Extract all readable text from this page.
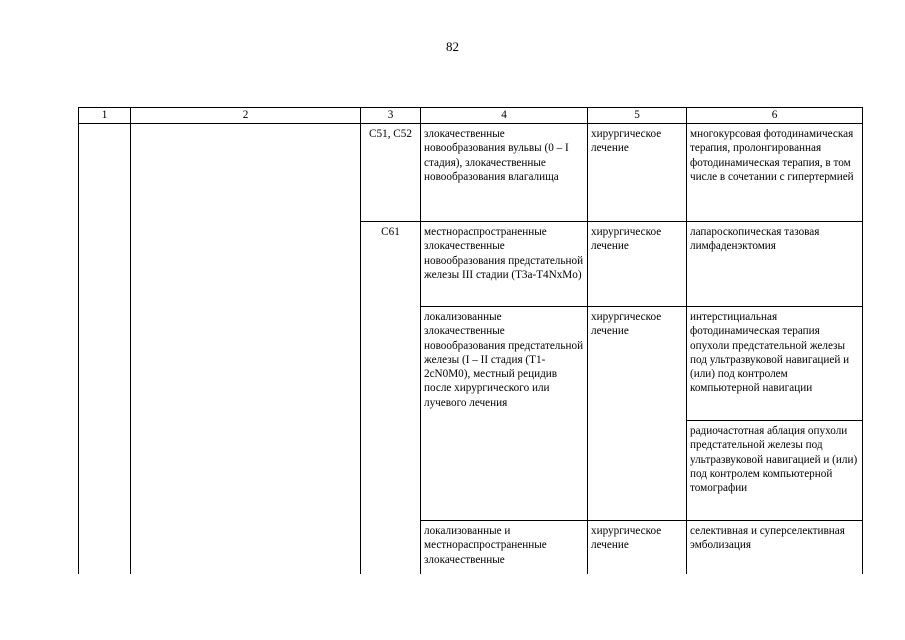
82
1	2	3	4	5	6
		C51, C52	злокачественные новообразования вульвы (0 – I стадия), злокачественные новообразования влагалища	хирургическое лечение	многокурсовая фотодинамическая терапия, пролонгированная фотодинамическая терапия, в том числе в сочетании с гипертермией
		C61	местнораспространенные злокачественные новообразования предстательной железы III стадии (T3a-T4NxMo)	хирургическое лечение	лапароскопическая тазовая лимфаденэктомия
			локализованные злокачественные новообразования предстательной железы (I – II стадия (T1-2cN0M0), местный рецидив после хирургического или лучевого лечения	хирургическое лечение	интерстициальная фотодинамическая терапия опухоли предстательной железы под ультразвуковой навигацией и (или) под контролем компьютерной навигации
					радиочастотная аблация опухоли предстательной железы под ультразвуковой навигацией и (или) под контролем компьютерной томографии
			локализованные и местнораспространенные злокачественные	хирургическое лечение	селективная и суперселективная эмболизация
